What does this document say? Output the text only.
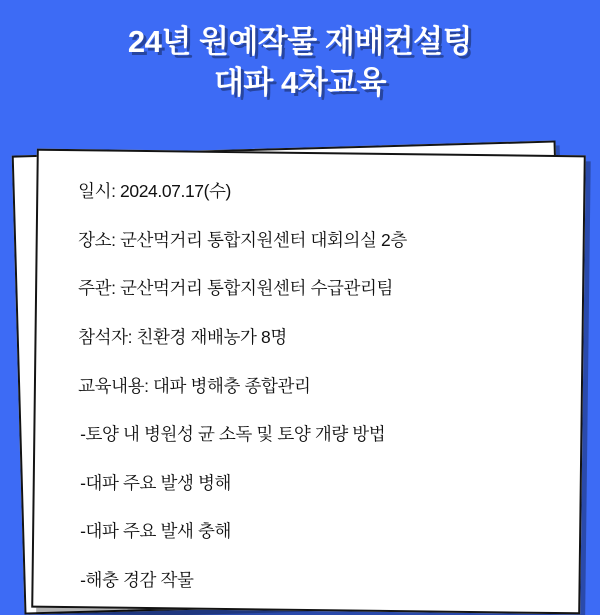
24년 원예작물 재배컨설팅
대파 4차교육

일시: 2024.07.17(수)

장소: 군산먹거리 통합지원센터 대회의실 2층

주관: 군산먹거리 통합지원센터 수급관리팀

참석자: 친환경 재배농가 8명

교육내용: 대파 병해충 종합관리

-토양 내 병원성 균 소독 및 토양 개량 방법

-대파 주요 발생 병해

-대파 주요 발새 충해

-해충 경감 작물
